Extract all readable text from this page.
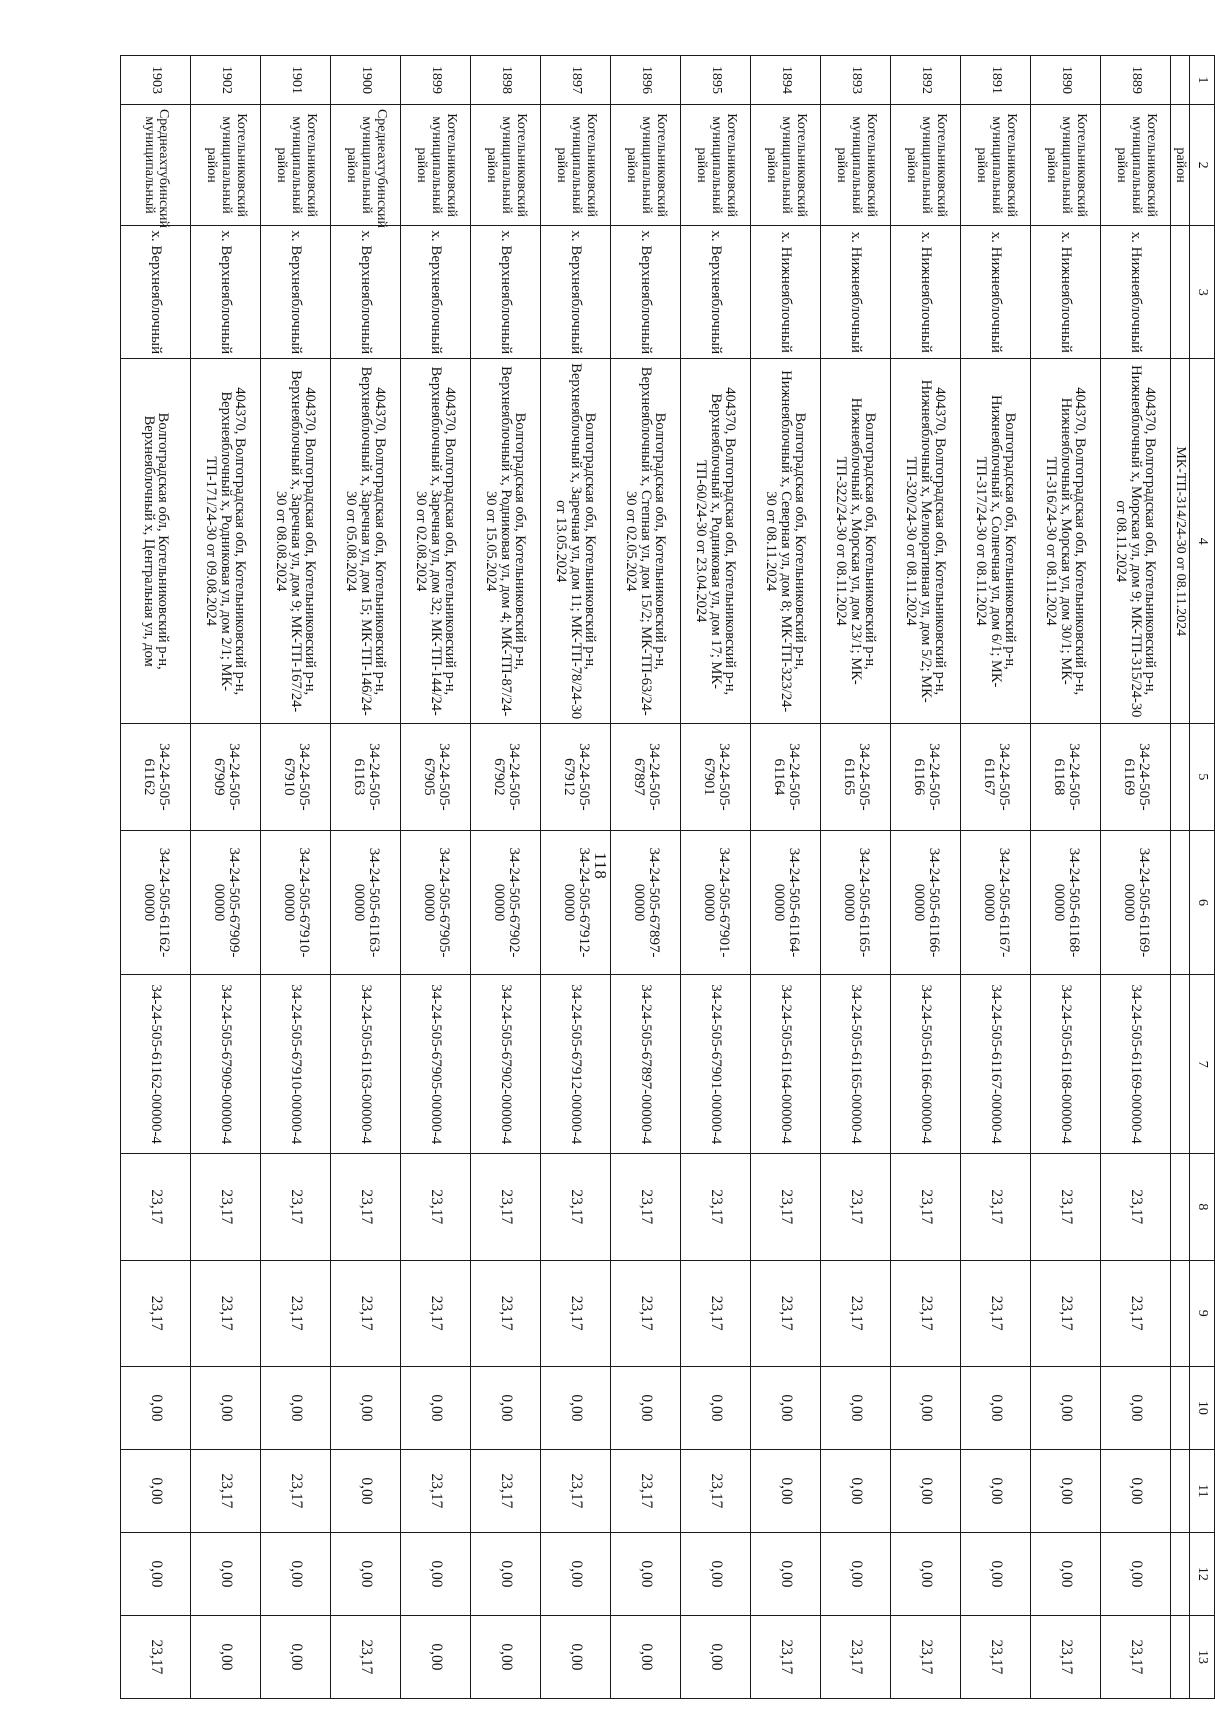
118
1	2	3	4	5	6	7	8	9	10	11	12	13
	район		МК-ТП-314/24-30 от 08.11.2024									
1889	Котельниковский муниципальный район	х. Нижнеяблочный	404370, Волгоградская обл, Котельниковский р-н, Нижнеяблочный х, Морская ул, дом 9; МК-ТП-315/24-30 от 08.11.2024	34-24-505-61169	34-24-505-61169-00000	34-24-505-61169-00000-4	23,17	23,17	0,00	0,00	0,00	23,17
1890	Котельниковский муниципальный район	х. Нижнеяблочный	404370, Волгоградская обл, Котельниковский р-н, Нижнеяблочный х, Морская ул, дом 30/1; МК-ТП-316/24-30 от 08.11.2024	34-24-505-61168	34-24-505-61168-00000	34-24-505-61168-00000-4	23,17	23,17	0,00	0,00	0,00	23,17
1891	Котельниковский муниципальный район	х. Нижнеяблочный	Волгоградская обл, Котельниковский р-н, Нижнеяблочный х, Солнечная ул, дом 6/1; МК-ТП-317/24-30 от 08.11.2024	34-24-505-61167	34-24-505-61167-00000	34-24-505-61167-00000-4	23,17	23,17	0,00	0,00	0,00	23,17
1892	Котельниковский муниципальный район	х. Нижнеяблочный	404370, Волгоградская обл, Котельниковский р-н, Нижнеяблочный х, Мелиоративная ул, дом 5/2; МК-ТП-320/24-30 от 08.11.2024	34-24-505-61166	34-24-505-61166-00000	34-24-505-61166-00000-4	23,17	23,17	0,00	0,00	0,00	23,17
1893	Котельниковский муниципальный район	х. Нижнеяблочный	Волгоградская обл, Котельниковский р-н, Нижнеяблочный х, Морская ул, дом 23/1; МК-ТП-322/24-30 от 08.11.2024	34-24-505-61165	34-24-505-61165-00000	34-24-505-61165-00000-4	23,17	23,17	0,00	0,00	0,00	23,17
1894	Котельниковский муниципальный район	х. Нижнеяблочный	Волгоградская обл, Котельниковский р-н, Нижнеяблочный х, Северная ул, дом 8; МК-ТП-323/24-30 от 08.11.2024	34-24-505-61164	34-24-505-61164-00000	34-24-505-61164-00000-4	23,17	23,17	0,00	0,00	0,00	23,17
1895	Котельниковский муниципальный район	х. Верхнеяблочный	404370, Волгоградская обл, Котельниковский р-н, Верхнеяблочный х, Родниковая ул, дом 17; МК-ТП-60/24-30 от 23.04.2024	34-24-505-67901	34-24-505-67901-00000	34-24-505-67901-00000-4	23,17	23,17	0,00	23,17	0,00	0,00
1896	Котельниковский муниципальный район	х. Верхнеяблочный	Волгоградская обл, Котельниковский р-н, Верхнеяблочный х, Степная ул, дом 15/2; МК-ТП-63/24-30 от 02.05.2024	34-24-505-67897	34-24-505-67897-00000	34-24-505-67897-00000-4	23,17	23,17	0,00	23,17	0,00	0,00
1897	Котельниковский муниципальный район	х. Верхнеяблочный	Волгоградская обл, Котельниковский р-н, Верхнеяблочный х, Заречная ул, дом 11; МК-ТП-78/24-30 от 13.05.2024	34-24-505-67912	34-24-505-67912-00000	34-24-505-67912-00000-4	23,17	23,17	0,00	23,17	0,00	0,00
1898	Котельниковский муниципальный район	х. Верхнеяблочный	Волгоградская обл, Котельниковский р-н, Верхнеяблочный х, Родниковая ул, дом 4; МК-ТП-87/24-30 от 15.05.2024	34-24-505-67902	34-24-505-67902-00000	34-24-505-67902-00000-4	23,17	23,17	0,00	23,17	0,00	0,00
1899	Котельниковский муниципальный район	х. Верхнеяблочный	404370, Волгоградская обл, Котельниковский р-н, Верхнеяблочный х, Заречная ул, дом 32; МК-ТП-144/24-30 от 02.08.2024	34-24-505-67905	34-24-505-67905-00000	34-24-505-67905-00000-4	23,17	23,17	0,00	23,17	0,00	0,00
1900	Среднеахтубинский муниципальный район	х. Верхнеяблочный	404370, Волгоградская обл, Котельниковский р-н, Верхнеяблочный х, Заречная ул, дом 15; МК-ТП-146/24-30 от 05.08.2024	34-24-505-61163	34-24-505-61163-00000	34-24-505-61163-00000-4	23,17	23,17	0,00	0,00	0,00	23,17
1901	Котельниковский муниципальный район	х. Верхнеяблочный	404370, Волгоградская обл, Котельниковский р-н, Верхнеяблочный х, Заречная ул, дом 9; МК-ТП-167/24-30 от 08.08.2024	34-24-505-67910	34-24-505-67910-00000	34-24-505-67910-00000-4	23,17	23,17	0,00	23,17	0,00	0,00
1902	Котельниковский муниципальный район	х. Верхнеяблочный	404370, Волгоградская обл, Котельниковский р-н, Верхнеяблочный х, Родниковая ул, дом 2/1; МК-ТП-171/24-30 от 09.08.2024	34-24-505-67909	34-24-505-67909-00000	34-24-505-67909-00000-4	23,17	23,17	0,00	23,17	0,00	0,00
1903	Среднеахтубинский муниципальный	х. Верхнеяблочный	Волгоградская обл, Котельниковский р-н, Верхнеяблочный х, Центральная ул, дом	34-24-505-61162	34-24-505-61162-00000	34-24-505-61162-00000-4	23,17	23,17	0,00	0,00	0,00	23,17
